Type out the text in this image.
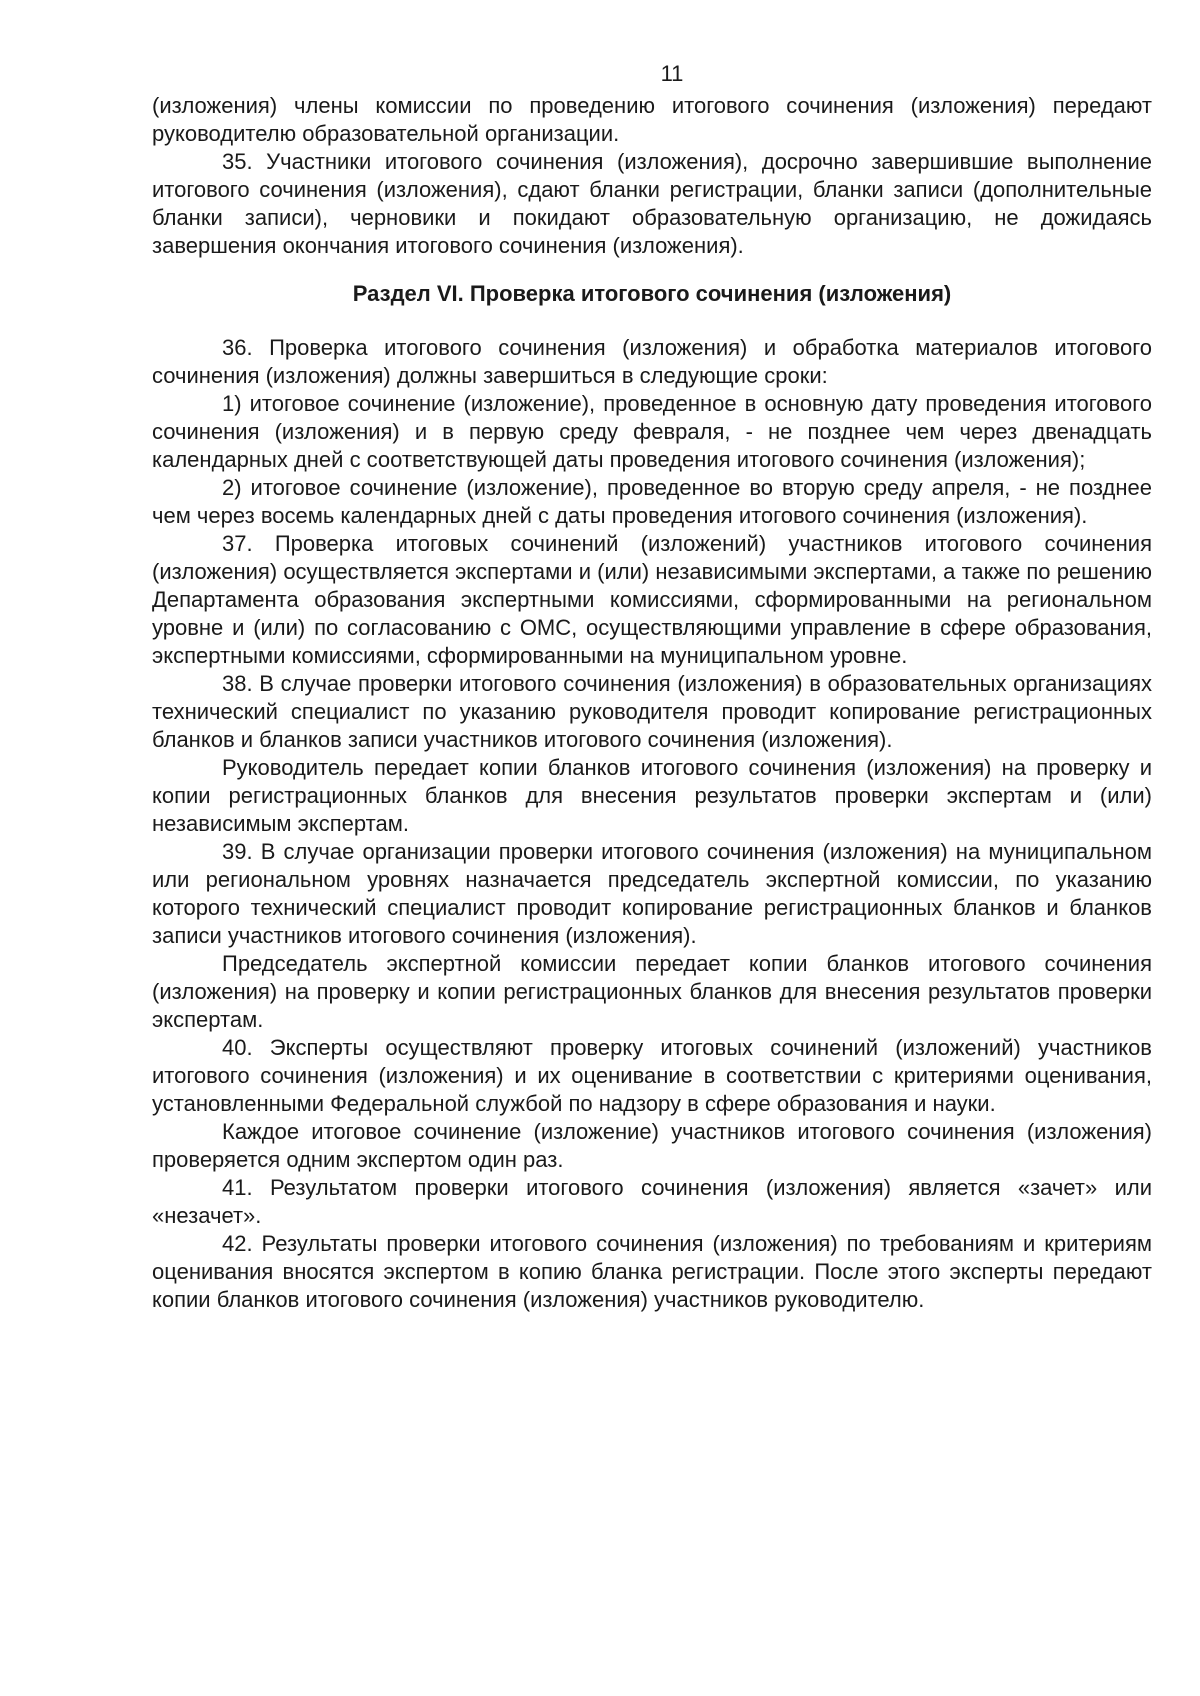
11

(изложения) члены комиссии по проведению итогового сочинения (изложения) передают руководителю образовательной организации.

35. Участники итогового сочинения (изложения), досрочно завершившие выполнение итогового сочинения (изложения), сдают бланки регистрации, бланки записи (дополнительные бланки записи), черновики и покидают образовательную организацию, не дожидаясь завершения окончания итогового сочинения (изложения).

Раздел VI. Проверка итогового сочинения (изложения)

36. Проверка итогового сочинения (изложения) и обработка материалов итогового сочинения (изложения) должны завершиться в следующие сроки:

1) итоговое сочинение (изложение), проведенное в основную дату проведения итогового сочинения (изложения) и в первую среду февраля, - не позднее чем через двенадцать календарных дней с соответствующей даты проведения итогового сочинения (изложения);

2) итоговое сочинение (изложение), проведенное во вторую среду апреля, - не позднее чем через восемь календарных дней с даты проведения итогового сочинения (изложения).

37. Проверка итоговых сочинений (изложений) участников итогового сочинения (изложения) осуществляется экспертами и (или) независимыми экспертами, а также по решению Департамента образования экспертными комиссиями, сформированными на региональном уровне и (или) по согласованию с ОМС, осуществляющими управление в сфере образования, экспертными комиссиями, сформированными на муниципальном уровне.

38. В случае проверки итогового сочинения (изложения) в образовательных организациях технический специалист по указанию руководителя проводит копирование регистрационных бланков и бланков записи участников итогового сочинения (изложения).

Руководитель передает копии бланков итогового сочинения (изложения) на проверку и копии регистрационных бланков для внесения результатов проверки экспертам и (или) независимым экспертам.

39. В случае организации проверки итогового сочинения (изложения) на муниципальном или региональном уровнях назначается председатель экспертной комиссии, по указанию которого технический специалист проводит копирование регистрационных бланков и бланков записи участников итогового сочинения (изложения).

Председатель экспертной комиссии передает копии бланков итогового сочинения (изложения) на проверку и копии регистрационных бланков для внесения результатов проверки экспертам.

40. Эксперты осуществляют проверку итоговых сочинений (изложений) участников итогового сочинения (изложения) и их оценивание в соответствии с критериями оценивания, установленными Федеральной службой по надзору в сфере образования и науки.

Каждое итоговое сочинение (изложение) участников итогового сочинения (изложения) проверяется одним экспертом один раз.

41. Результатом проверки итогового сочинения (изложения) является «зачет» или «незачет».

42. Результаты проверки итогового сочинения (изложения) по требованиям и критериям оценивания вносятся экспертом в копию бланка регистрации. После этого эксперты передают копии бланков итогового сочинения (изложения) участников руководителю.
